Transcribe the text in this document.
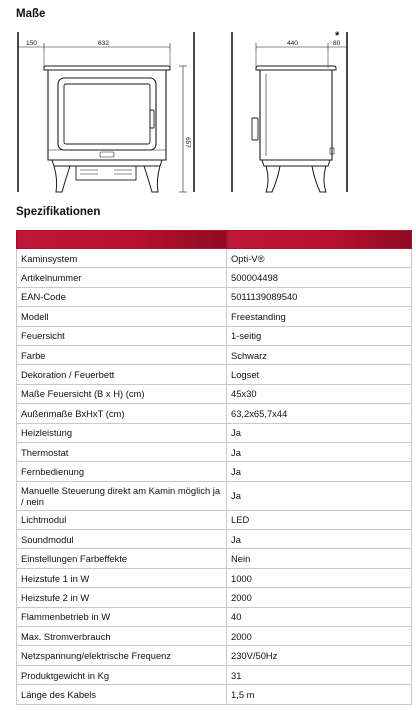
Maße
150	632
657
440	80
*
Spezifikationen

Kaminsystem	Opti-V®
Artikelnummer	500004498
EAN-Code	5011139089540
Modell	Freestanding
Feuersicht	1-seitig
Farbe	Schwarz
Dekoration / Feuerbett	Logset
Maße Feuersicht (B x H) (cm)	45x30
Außenmaße BxHxT (cm)	63,2x65,7x44
Heizleistung	Ja
Thermostat	Ja
Fernbedienung	Ja
Manuelle Steuerung direkt am Kamin möglich ja / nein	Ja
Lichtmodul	LED
Soundmodul	Ja
Einstellungen Farbeffekte	Nein
Heizstufe 1 in W	1000
Heizstufe 2 in W	2000
Flammenbetrieb in W	40
Max. Stromverbrauch	2000
Netzspannung/elektrische Frequenz	230V/50Hz
Produktgewicht in Kg	31
Länge des Kabels	1,5 m
